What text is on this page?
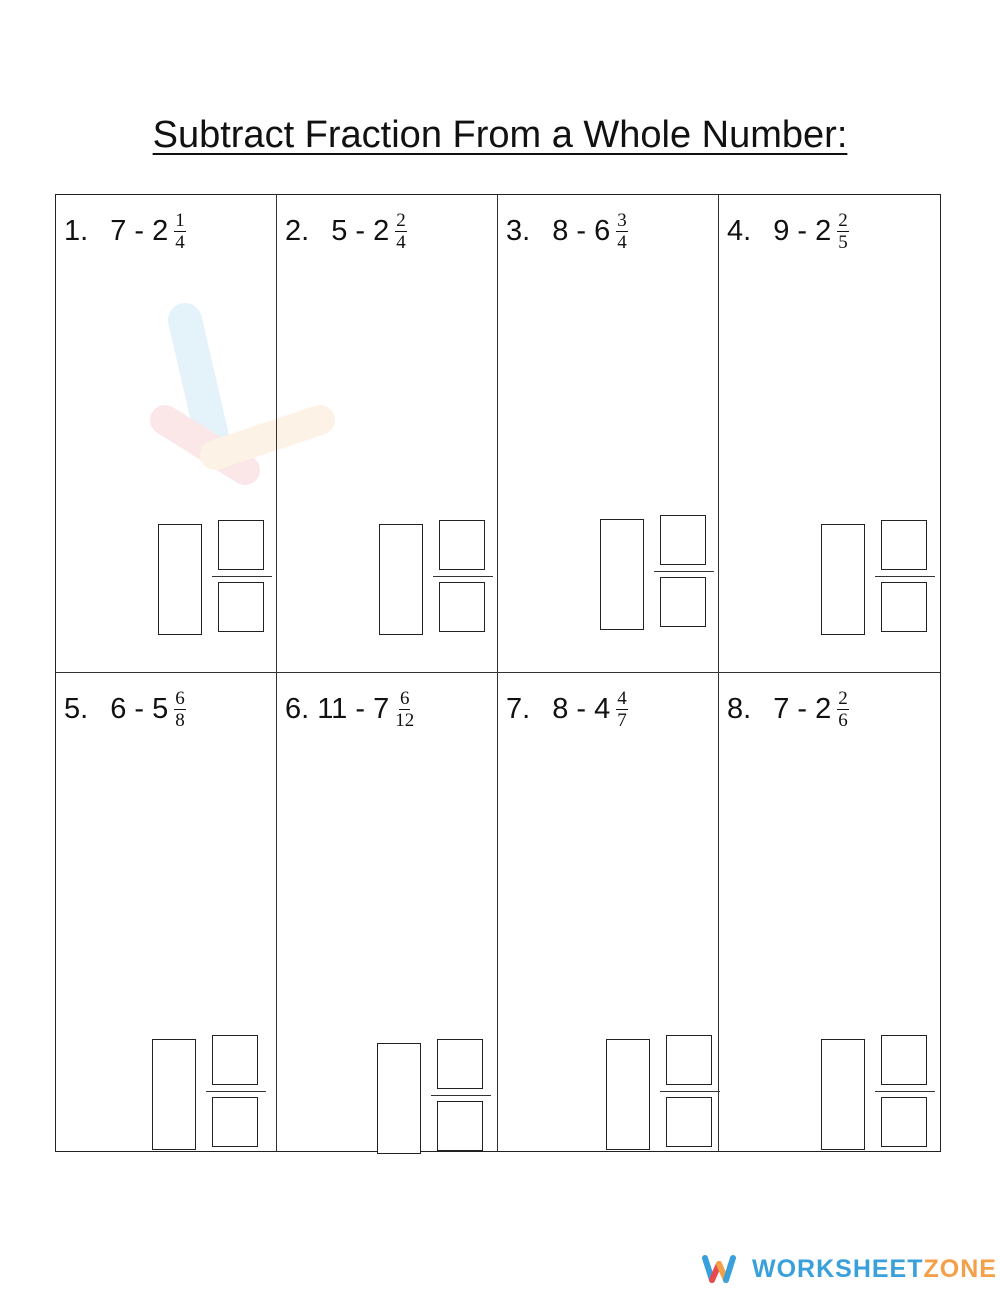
Subtract Fraction From a Whole Number:
1. 7
-
$2 \frac{1}{4}$	2. 5
-
$2 \frac{2}{4}$	3. 8
-
$6 \frac{3}{4}$	4. 9
-
$2 \frac{2}{5}$
5. 6
-
$5 \frac{6}{8}$	6. 11
-
$7 \frac{6}{12}$	7. 8
-
$4 \frac{4}{7}$	8. 7
-
$2 \frac{2}{6}$
WORKSHEETZONE
